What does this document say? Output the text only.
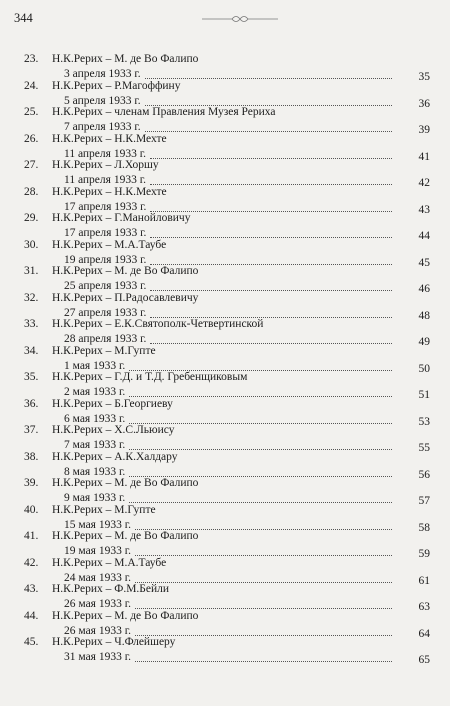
344
23. Н.К.Рерих – М. де Во Фалипо
3 апреля 1933 г.	35
24. Н.К.Рерих – Р.Магоффину
5 апреля 1933 г.	36
25. Н.К.Рерих – членам Правления Музея Рериха
7 апреля 1933 г.	39
26. Н.К.Рерих – Н.К.Мехте
11 апреля 1933 г.	41
27. Н.К.Рерих – Л.Хоршу
11 апреля 1933 г.	42
28. Н.К.Рерих – Н.К.Мехте
17 апреля 1933 г.	43
29. Н.К.Рерих – Г.Манойловичу
17 апреля 1933 г.	44
30. Н.К.Рерих – М.А.Таубе
19 апреля 1933 г.	45
31. Н.К.Рерих – М. де Во Фалипо
25 апреля 1933 г.	46
32. Н.К.Рерих – П.Радосавлевичу
27 апреля 1933 г.	48
33. Н.К.Рерих – Е.К.Святополк-Четвертинской
28 апреля 1933 г.	49
34. Н.К.Рерих – М.Гупте
1 мая 1933 г.	50
35. Н.К.Рерих – Г.Д. и Т.Д. Гребенщиковым
2 мая 1933 г.	51
36. Н.К.Рерих – Б.Георгиеву
6 мая 1933 г.	53
37. Н.К.Рерих – Х.С.Льюису
7 мая 1933 г.	55
38. Н.К.Рерих – А.К.Халдару
8 мая 1933 г.	56
39. Н.К.Рерих – М. де Во Фалипо
9 мая 1933 г.	57
40. Н.К.Рерих – М.Гупте
15 мая 1933 г.	58
41. Н.К.Рерих – М. де Во Фалипо
19 мая 1933 г.	59
42. Н.К.Рерих – М.А.Таубе
24 мая 1933 г.	61
43. Н.К.Рерих – Ф.М.Бейли
26 мая 1933 г.	63
44. Н.К.Рерих – М. де Во Фалипо
26 мая 1933 г.	64
45. Н.К.Рерих – Ч.Флейшеру
31 мая 1933 г.	65
